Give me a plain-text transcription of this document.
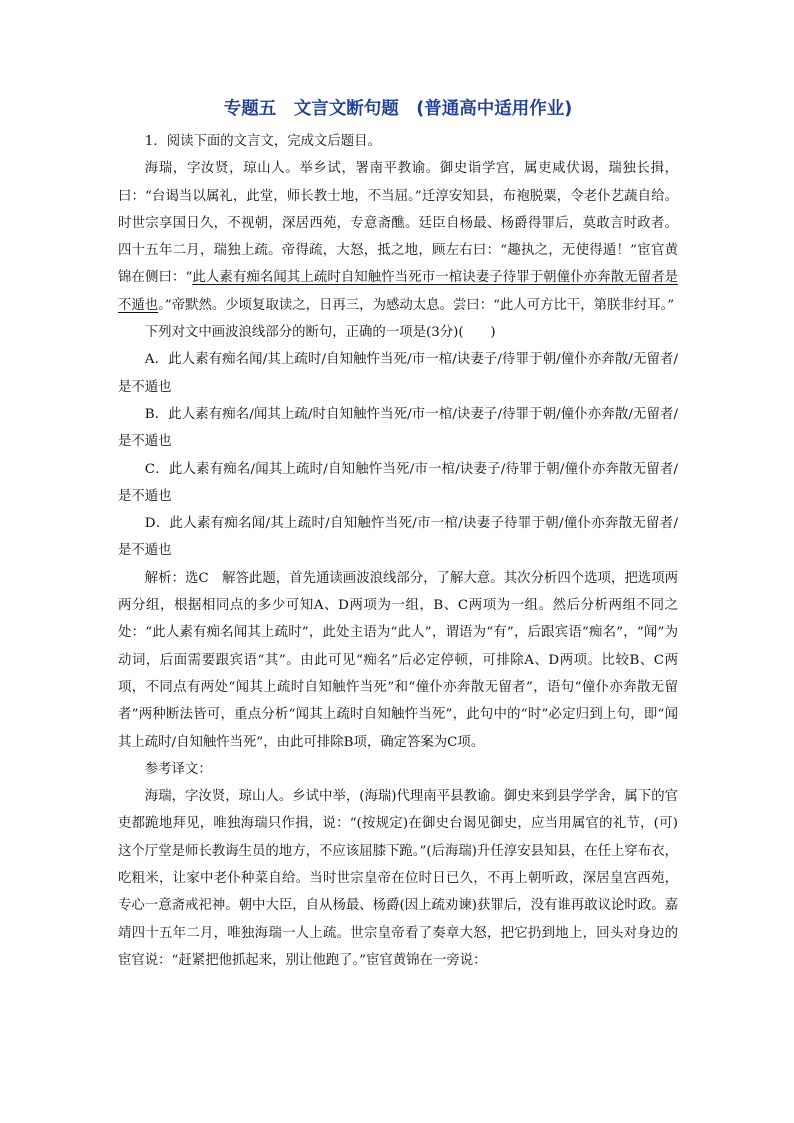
专题五　文言文断句题　(普通高中适用作业)

1．阅读下面的文言文，完成文后题目。

海瑞，字汝贤，琼山人。举乡试，署南平教谕。御史诣学宫，属吏咸伏谒，瑞独长揖，曰：“台谒当以属礼，此堂，师长教士地，不当屈。”迁淳安知县，布袍脱粟，令老仆艺蔬自给。时世宗享国日久，不视朝，深居西苑，专意斋醮。廷臣自杨最、杨爵得罪后，莫敢言时政者。四十五年二月，瑞独上疏。帝得疏，大怒，抵之地，顾左右曰：“趣执之，无使得遁！”宦官黄锦在侧曰：“此人素有痴名闻其上疏时自知触忤当死市一棺诀妻子待罪于朝僮仆亦奔散无留者是不遁也。”帝默然。少顷复取读之，日再三，为感动太息。尝曰：“此人可方比干，第朕非纣耳。”

下列对文中画波浪线部分的断句，正确的一项是(3分)(　　)

A．此人素有痴名闻/其上疏时/自知触忤当死/市一棺/诀妻子/待罪于朝/僮仆亦奔散/无留者/是不遁也

B．此人素有痴名/闻其上疏/时自知触忤当死/市一棺/诀妻子/待罪于朝/僮仆亦奔散/无留者/是不遁也

C．此人素有痴名/闻其上疏时/自知触忤当死/市一棺/诀妻子/待罪于朝/僮仆亦奔散无留者/是不遁也

D．此人素有痴名闻/其上疏时/自知触忤当死/市一棺/诀妻子待罪于朝/僮仆亦奔散无留者/是不遁也

解析：选C　解答此题，首先通读画波浪线部分，了解大意。其次分析四个选项，把选项两两分组，根据相同点的多少可知A、D两项为一组，B、C两项为一组。然后分析两组不同之处：“此人素有痴名闻其上疏时”，此处主语为“此人”，谓语为“有”，后跟宾语“痴名”，“闻”为动词，后面需要跟宾语“其”。由此可见“痴名”后必定停顿，可排除A、D两项。比较B、C两项，不同点有两处“闻其上疏时自知触忤当死”和“僮仆亦奔散无留者”，语句“僮仆亦奔散无留者”两种断法皆可，重点分析“闻其上疏时自知触忤当死”，此句中的“时”必定归到上句，即“闻其上疏时/自知触忤当死”，由此可排除B项，确定答案为C项。

参考译文：

海瑞，字汝贤，琼山人。乡试中举，(海瑞)代理南平县教谕。御史来到县学学舍，属下的官吏都跪地拜见，唯独海瑞只作揖，说：“(按规定)在御史台谒见御史，应当用属官的礼节，(可)这个厅堂是师长教诲生员的地方，不应该屈膝下跪。”(后海瑞)升任淳安县知县，在任上穿布衣，吃粗米，让家中老仆种菜自给。当时世宗皇帝在位时日已久，不再上朝听政，深居皇宫西苑，专心一意斋戒祀神。朝中大臣，自从杨最、杨爵(因上疏劝谏)获罪后，没有谁再敢议论时政。嘉靖四十五年二月，唯独海瑞一人上疏。世宗皇帝看了奏章大怒，把它扔到地上，回头对身边的宦官说：“赶紧把他抓起来，别让他跑了。”宦官黄锦在一旁说：
